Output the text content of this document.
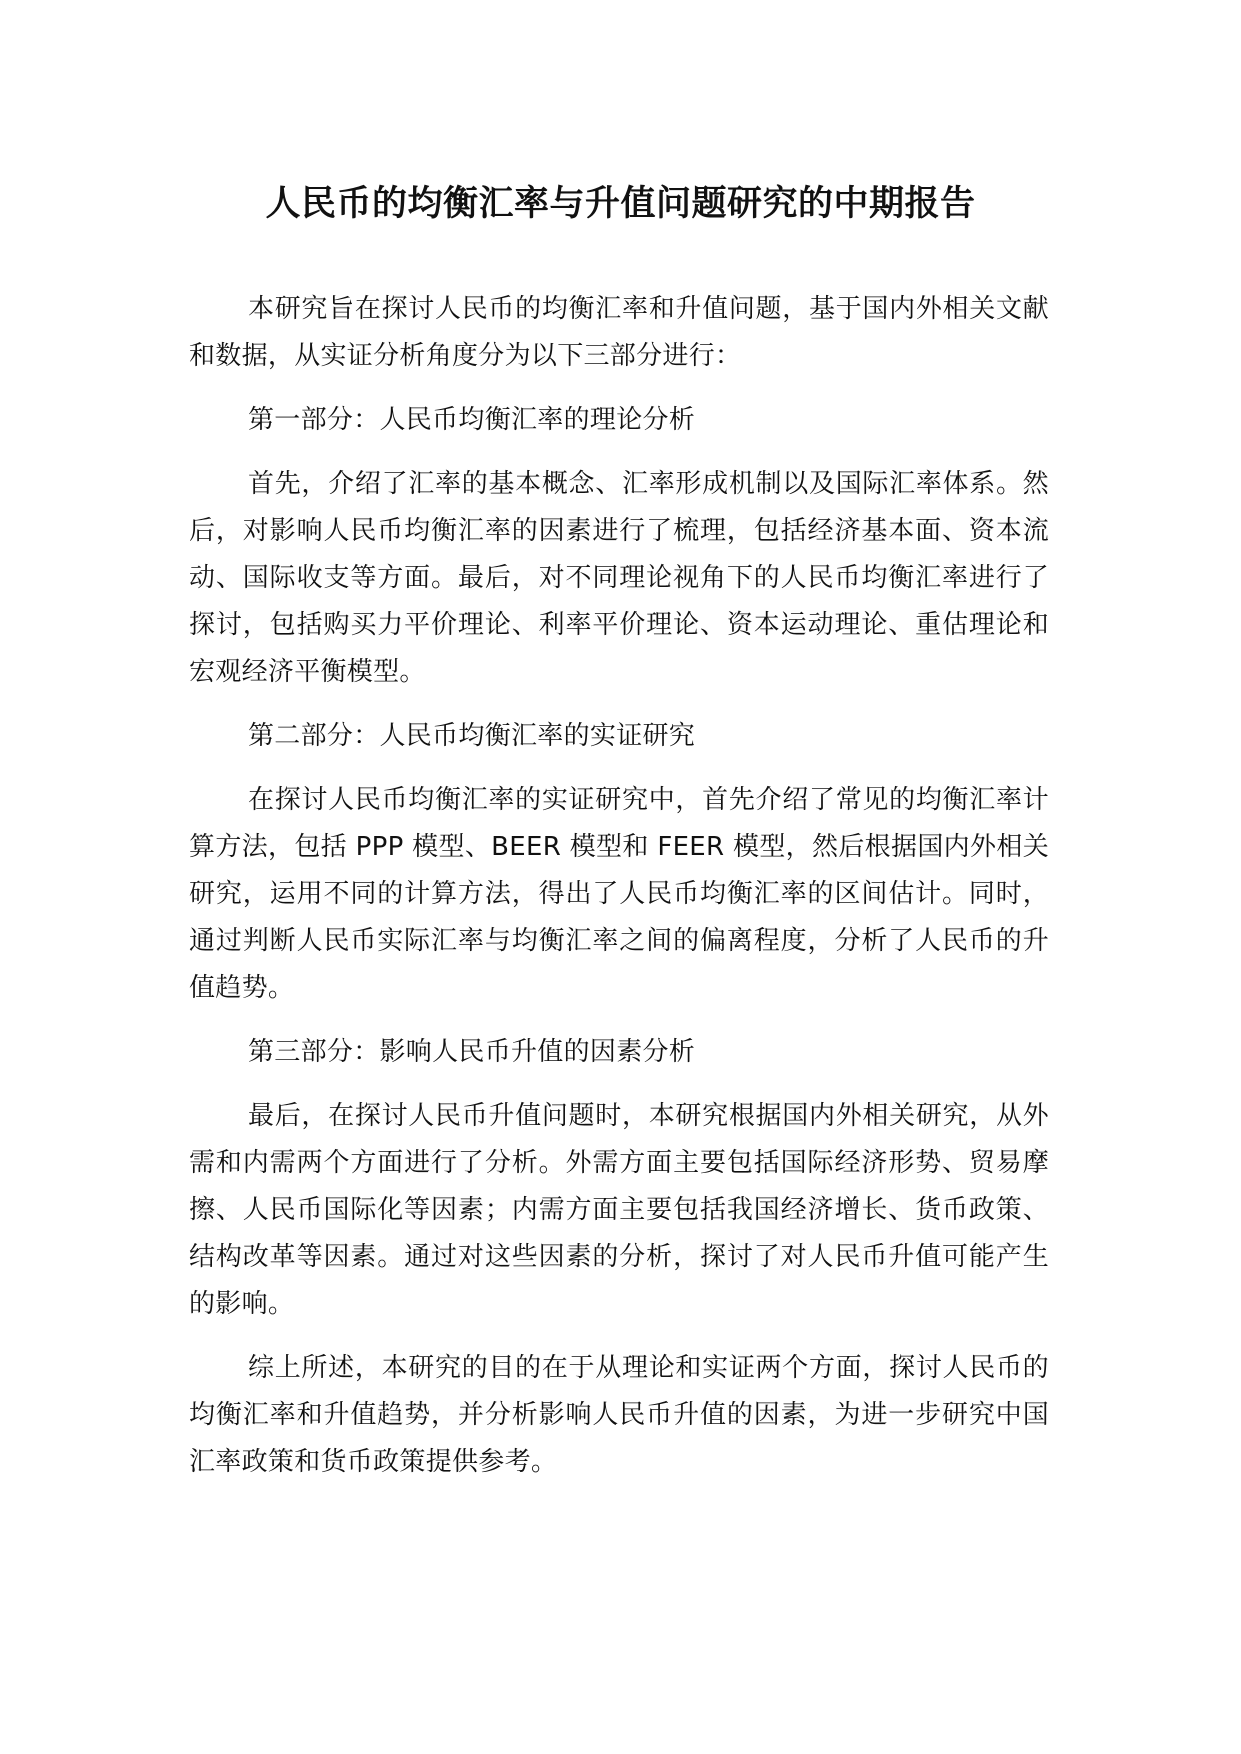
人民币的均衡汇率与升值问题研究的中期报告

本研究旨在探讨人民币的均衡汇率和升值问题，基于国内外相关文献和数据，从实证分析角度分为以下三部分进行：

第一部分：人民币均衡汇率的理论分析

首先，介绍了汇率的基本概念、汇率形成机制以及国际汇率体系。然后，对影响人民币均衡汇率的因素进行了梳理，包括经济基本面、资本流动、国际收支等方面。最后，对不同理论视角下的人民币均衡汇率进行了探讨，包括购买力平价理论、利率平价理论、资本运动理论、重估理论和宏观经济平衡模型。

第二部分：人民币均衡汇率的实证研究

在探讨人民币均衡汇率的实证研究中，首先介绍了常见的均衡汇率计算方法，包括 PPP 模型、BEER 模型和 FEER 模型，然后根据国内外相关研究，运用不同的计算方法，得出了人民币均衡汇率的区间估计。同时，通过判断人民币实际汇率与均衡汇率之间的偏离程度，分析了人民币的升值趋势。

第三部分：影响人民币升值的因素分析

最后，在探讨人民币升值问题时，本研究根据国内外相关研究，从外需和内需两个方面进行了分析。外需方面主要包括国际经济形势、贸易摩擦、人民币国际化等因素；内需方面主要包括我国经济增长、货币政策、结构改革等因素。通过对这些因素的分析，探讨了对人民币升值可能产生的影响。

综上所述，本研究的目的在于从理论和实证两个方面，探讨人民币的均衡汇率和升值趋势，并分析影响人民币升值的因素，为进一步研究中国汇率政策和货币政策提供参考。
